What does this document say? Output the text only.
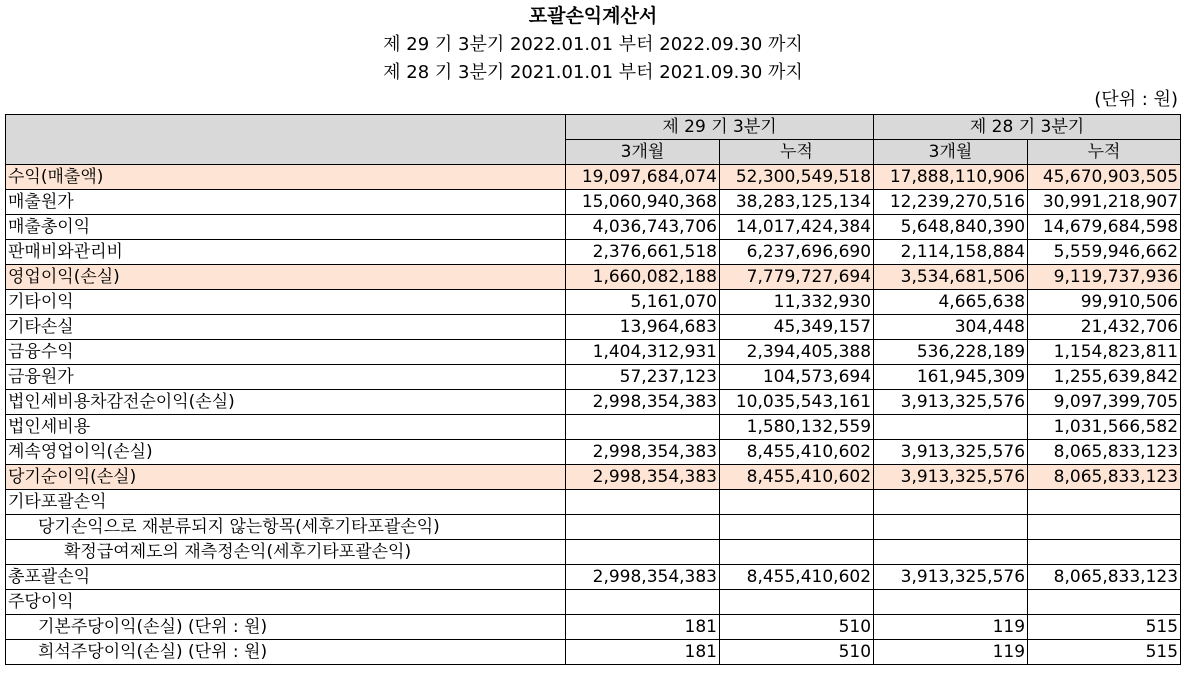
포괄손익계산서
제 29 기 3분기 2022.01.01 부터 2022.09.30 까지
제 28 기 3분기 2021.01.01 부터 2021.09.30 까지
(단위 : 원)
	제 29 기 3분기		제 28 기 3분기	
	3개월	누적	3개월	누적
수익(매출액)	19,097,684,074	52,300,549,518	17,888,110,906	45,670,903,505
매출원가	15,060,940,368	38,283,125,134	12,239,270,516	30,991,218,907
매출총이익	4,036,743,706	14,017,424,384	5,648,840,390	14,679,684,598
판매비와관리비	2,376,661,518	6,237,696,690	2,114,158,884	5,559,946,662
영업이익(손실)	1,660,082,188	7,779,727,694	3,534,681,506	9,119,737,936
기타이익	5,161,070	11,332,930	4,665,638	99,910,506
기타손실	13,964,683	45,349,157	304,448	21,432,706
금융수익	1,404,312,931	2,394,405,388	536,228,189	1,154,823,811
금융원가	57,237,123	104,573,694	161,945,309	1,255,639,842
법인세비용차감전순이익(손실)	2,998,354,383	10,035,543,161	3,913,325,576	9,097,399,705
법인세비용		1,580,132,559		1,031,566,582
계속영업이익(손실)	2,998,354,383	8,455,410,602	3,913,325,576	8,065,833,123
당기순이익(손실)	2,998,354,383	8,455,410,602	3,913,325,576	8,065,833,123
기타포괄손익				
당기손익으로 재분류되지 않는항목(세후기타포괄손익)				
확정급여제도의 재측정손익(세후기타포괄손익)				
총포괄손익	2,998,354,383	8,455,410,602	3,913,325,576	8,065,833,123
주당이익				
기본주당이익(손실) (단위 : 원)	181	510	119	515
희석주당이익(손실) (단위 : 원)	181	510	119	515
